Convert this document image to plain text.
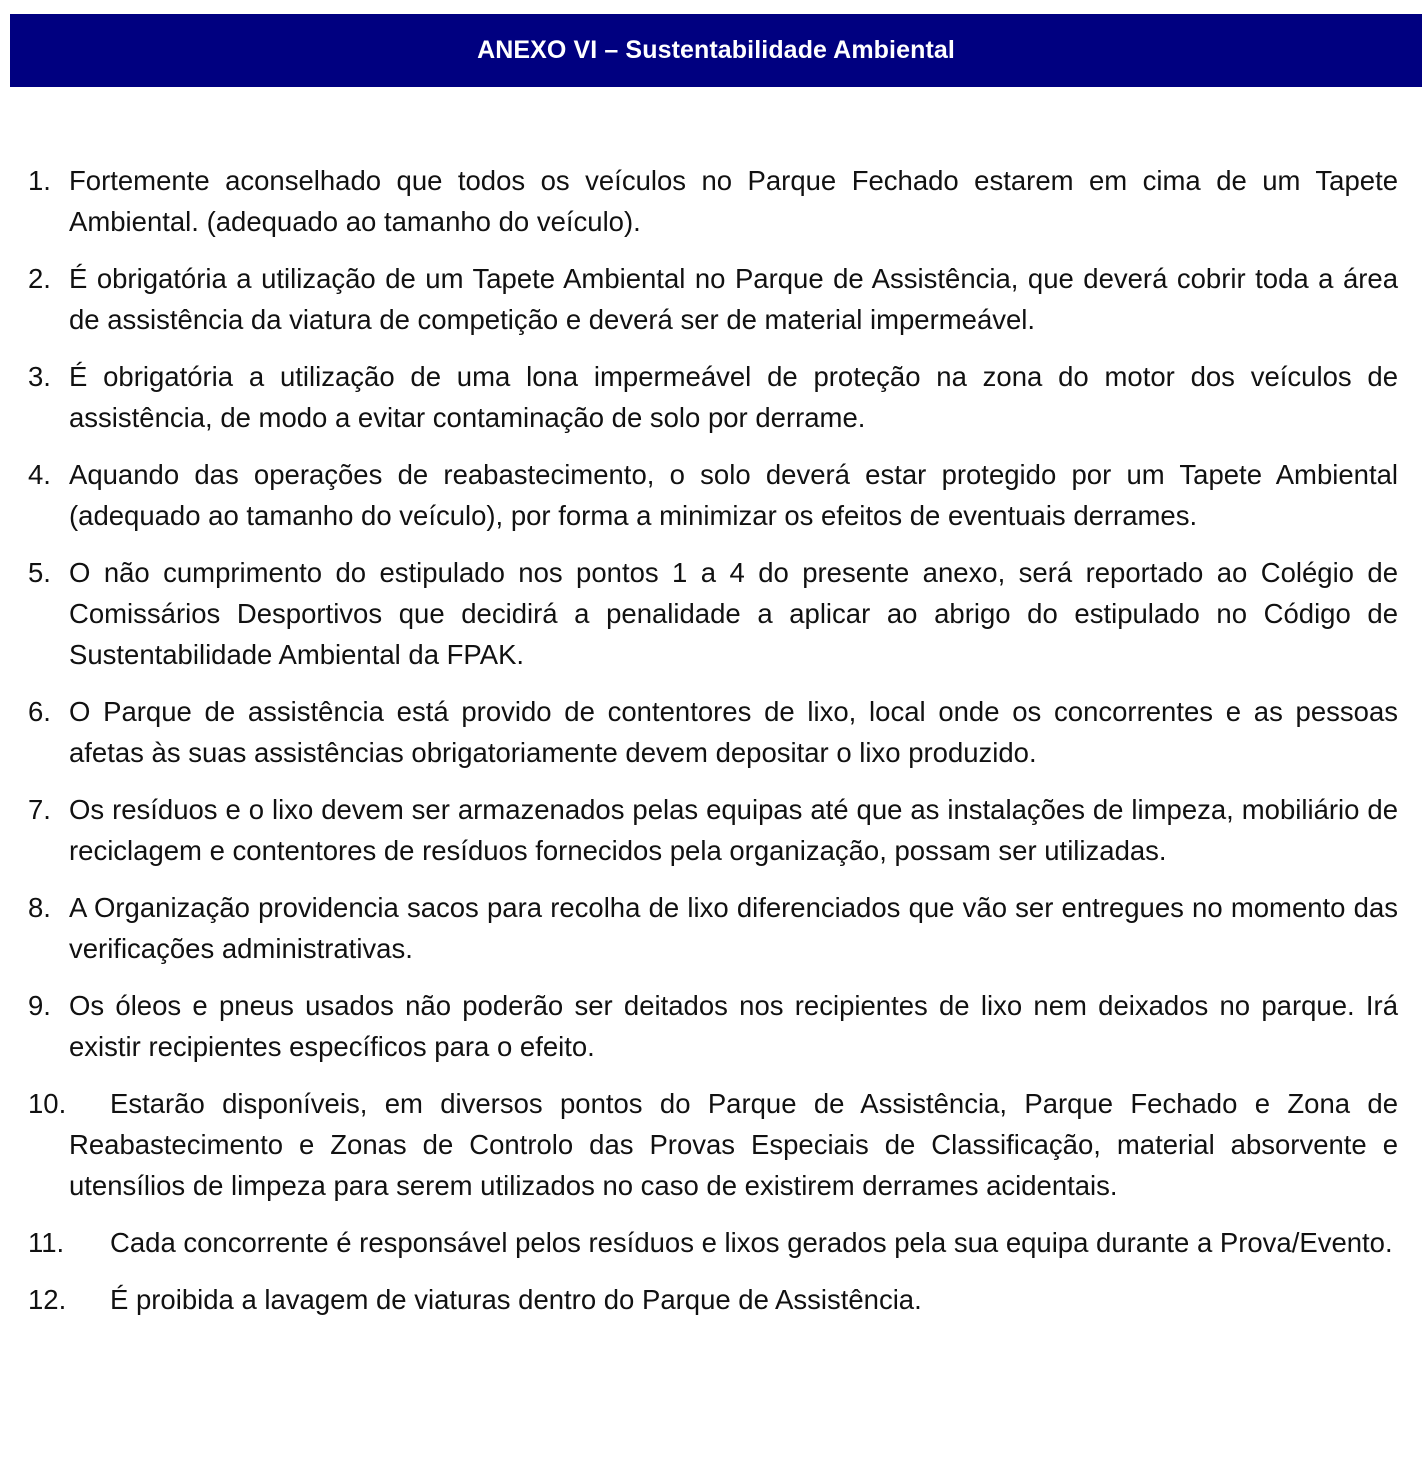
ANEXO VI – Sustentabilidade Ambiental
1. Fortemente aconselhado que todos os veículos no Parque Fechado estarem em cima de um Tapete Ambiental. (adequado ao tamanho do veículo).
2. É obrigatória a utilização de um Tapete Ambiental no Parque de Assistência, que deverá cobrir toda a área de assistência da viatura de competição e deverá ser de material impermeável.
3. É obrigatória a utilização de uma lona impermeável de proteção na zona do motor dos veículos de assistência, de modo a evitar contaminação de solo por derrame.
4. Aquando das operações de reabastecimento, o solo deverá estar protegido por um Tapete Ambiental (adequado ao tamanho do veículo), por forma a minimizar os efeitos de eventuais derrames.
5. O não cumprimento do estipulado nos pontos 1 a 4 do presente anexo, será reportado ao Colégio de Comissários Desportivos que decidirá a penalidade a aplicar ao abrigo do estipulado no Código de Sustentabilidade Ambiental da FPAK.
6. O Parque de assistência está provido de contentores de lixo, local onde os concorrentes e as pessoas afetas às suas assistências obrigatoriamente devem depositar o lixo produzido.
7. Os resíduos e o lixo devem ser armazenados pelas equipas até que as instalações de limpeza, mobiliário de reciclagem e contentores de resíduos fornecidos pela organização, possam ser utilizadas.
8. A Organização providencia sacos para recolha de lixo diferenciados que vão ser entregues no momento das verificações administrativas.
9. Os óleos e pneus usados não poderão ser deitados nos recipientes de lixo nem deixados no parque. Irá existir recipientes específicos para o efeito.
10.	Estarão disponíveis, em diversos pontos do Parque de Assistência, Parque Fechado e Zona de Reabastecimento e Zonas de Controlo das Provas Especiais de Classificação, material absorvente e utensílios de limpeza para serem utilizados no caso de existirem derrames acidentais.
11.	Cada concorrente é responsável pelos resíduos e lixos gerados pela sua equipa durante a Prova/Evento.
12.	É proibida a lavagem de viaturas dentro do Parque de Assistência.
